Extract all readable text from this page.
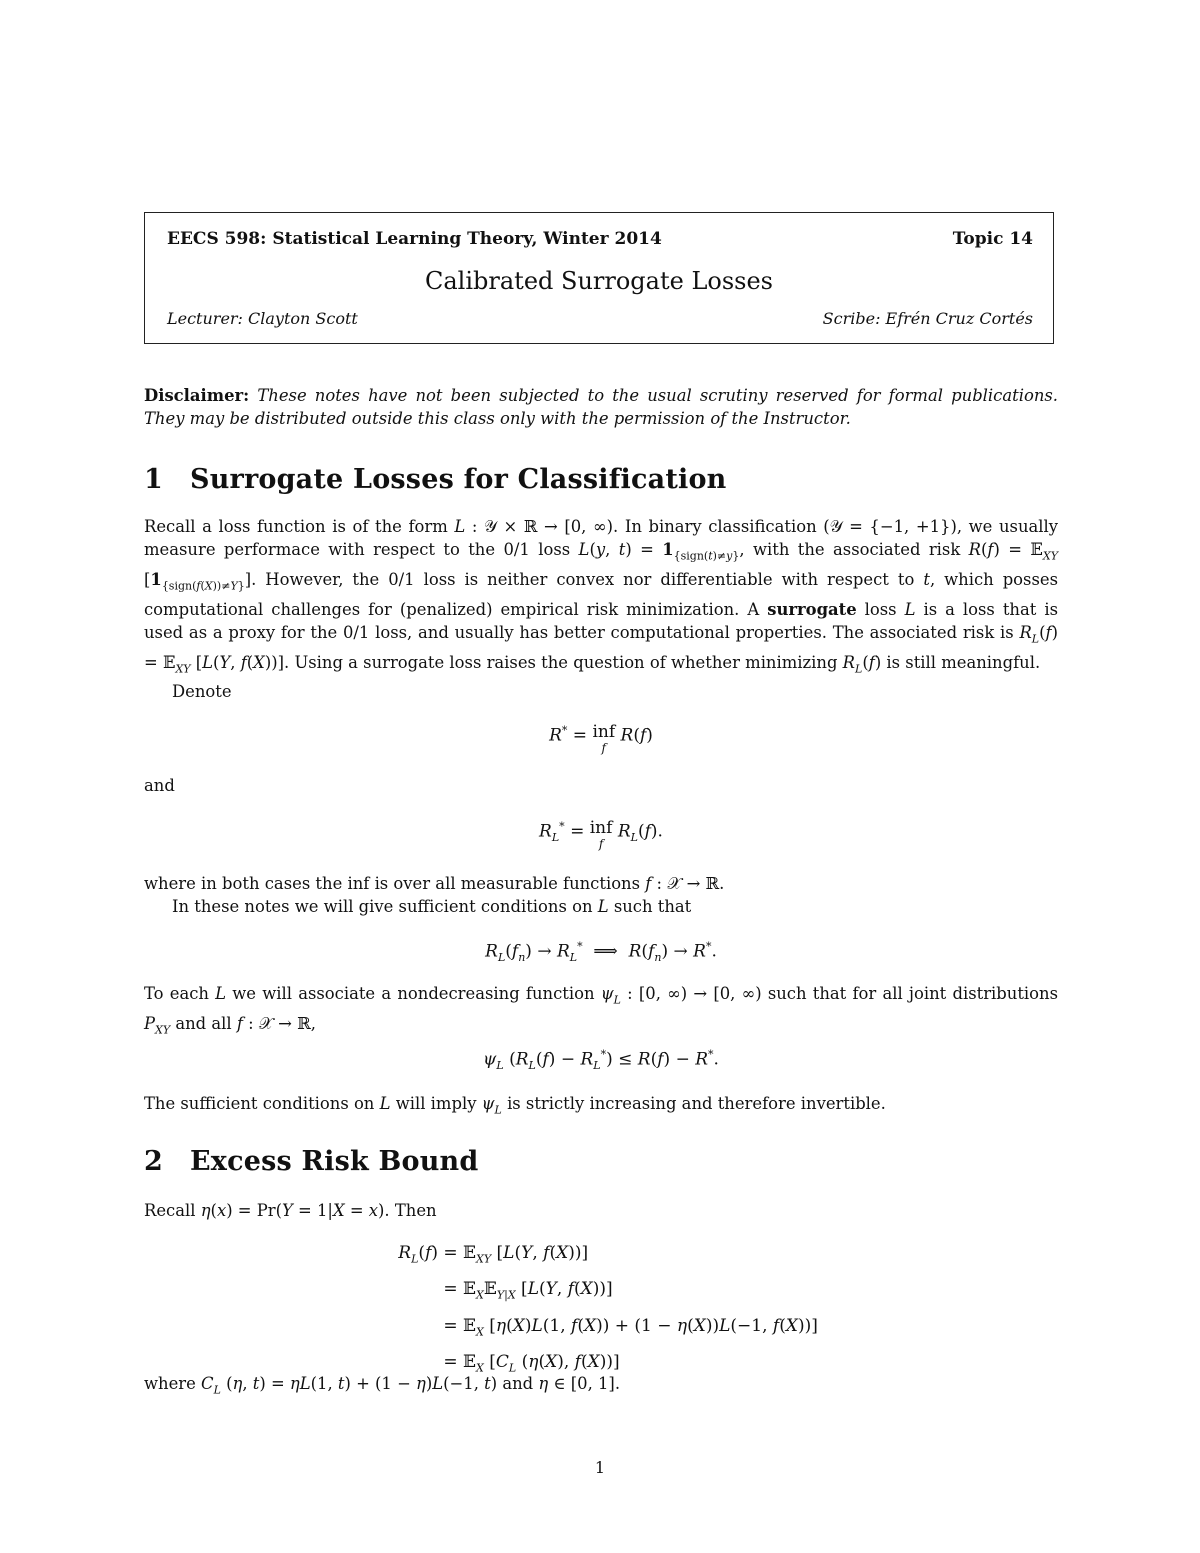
EECS 598: Statistical Learning Theory, Winter 2014	Topic 14
Calibrated Surrogate Losses
Lecturer: Clayton Scott	Scribe: Efrén Cruz Cortés
Disclaimer: These notes have not been subjected to the usual scrutiny reserved for formal publications. They may be distributed outside this class only with the permission of the Instructor.
1 Surrogate Losses for Classification
Recall a loss function is of the form L : 𝒴 × ℝ → [0, ∞). In binary classification (𝒴 = {−1, +1}), we usually measure performace with respect to the 0/1 loss L(y, $t) = 1_{\{sign(t)\ne y\}}$, with the associated risk R(f) = 𝔼$_{XY}$ $[1_{\{sign(f(X))\ne Y\}}]$. However, the 0/1 loss is neither convex nor differentiable with respect to t, which posses computational challenges for (penalized) empirical risk minimization. A surrogate loss L is a loss that is used as a proxy for the 0/1 loss, and usually has better computational properties. The associated risk is $R_L(f)$ = 𝔼$_{XY}$ [L(Y, f(X))]. Using a surrogate loss raises the question of whether minimizing $R_L(f)$ is still meaningful.
Denote
R* = inf
f
R(f)
and
$R_L^*$ = inf
f
$R_L(f)$.
where in both cases the inf is over all measurable functions f : 𝒳 → ℝ.
In these notes we will give sufficient conditions on L such that
$R_L(f_n) \to R_L^*$  ⟹  $R(f_n) \to R^*$.
To each L we will associate a nondecreasing function $\psi_L$ : [0, ∞) → [0, ∞) such that for all joint distributions $P_{XY}$ and all f : 𝒳 → ℝ,
$\psi_L$ $(R_L(f) - R_L^*) \le R(f) - R^*$.
The sufficient conditions on L will imply $\psi_L$ is strictly increasing and therefore invertible.
2 Excess Risk Bound
Recall η(x) = Pr(Y = 1|X = x). Then
$R_L(f)$ = 𝔼$_{XY}$ [L(Y, f(X))]
= 𝔼$_X$𝔼$_{Y|X}$ [L(Y, f(X))]
= 𝔼$_X$ [η(X)L(1, f(X)) + (1 − η(X))L(−1, f(X))]
= 𝔼$_X$ [$C_L$ (η(X), f(X))]
where $C_L$ (η, t) = ηL(1, t) + (1 − η)L(−1, t) and η ∈ [0, 1].
1
